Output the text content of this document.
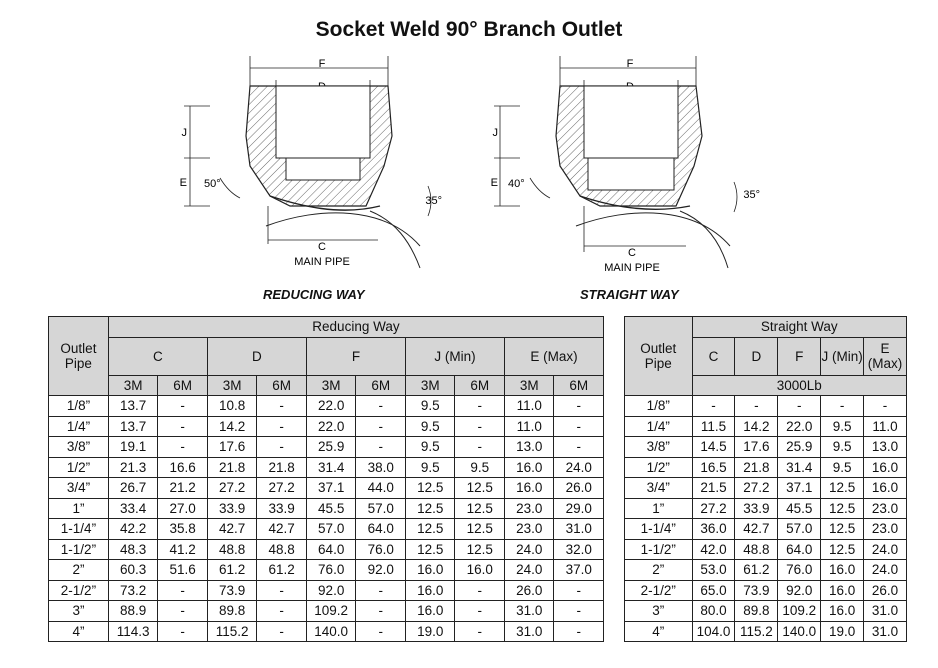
Socket Weld 90° Branch Outlet
F
J
E 50°
35°
C
MAIN PIPE
REDUCING WAY
F
J
E 40°
35°
C
MAIN PIPE
STRAIGHT WAY
Outlet Pipe	Reducing Way									
	C		D		F		J (Min)		E (Max)	
	3M	6M	3M	6M	3M	6M	3M	6M	3M	6M
1/8”	13.7	-	10.8	-	22.0	-	9.5	-	11.0	-
1/4”	13.7	-	14.2	-	22.0	-	9.5	-	11.0	-
3/8”	19.1	-	17.6	-	25.9	-	9.5	-	13.0	-
1/2”	21.3	16.6	21.8	21.8	31.4	38.0	9.5	9.5	16.0	24.0
3/4”	26.7	21.2	27.2	27.2	37.1	44.0	12.5	12.5	16.0	26.0
1”	33.4	27.0	33.9	33.9	45.5	57.0	12.5	12.5	23.0	29.0
1-1/4”	42.2	35.8	42.7	42.7	57.0	64.0	12.5	12.5	23.0	31.0
1-1/2”	48.3	41.2	48.8	48.8	64.0	76.0	12.5	12.5	24.0	32.0
2”	60.3	51.6	61.2	61.2	76.0	92.0	16.0	16.0	24.0	37.0
2-1/2”	73.2	-	73.9	-	92.0	-	16.0	-	26.0	-
3”	88.9	-	89.8	-	109.2	-	16.0	-	31.0	-
4”	114.3	-	115.2	-	140.0	-	19.0	-	31.0	-
Outlet Pipe	Straight Way				
	C	D	F	J (Min)	E (Max)
	3000Lb				
1/8”	-	-	-	-	-
1/4”	11.5	14.2	22.0	9.5	11.0
3/8”	14.5	17.6	25.9	9.5	13.0
1/2”	16.5	21.8	31.4	9.5	16.0
3/4”	21.5	27.2	37.1	12.5	16.0
1”	27.2	33.9	45.5	12.5	23.0
1-1/4”	36.0	42.7	57.0	12.5	23.0
1-1/2”	42.0	48.8	64.0	12.5	24.0
2”	53.0	61.2	76.0	16.0	24.0
2-1/2”	65.0	73.9	92.0	16.0	26.0
3”	80.0	89.8	109.2	16.0	31.0
4”	104.0	115.2	140.0	19.0	31.0
